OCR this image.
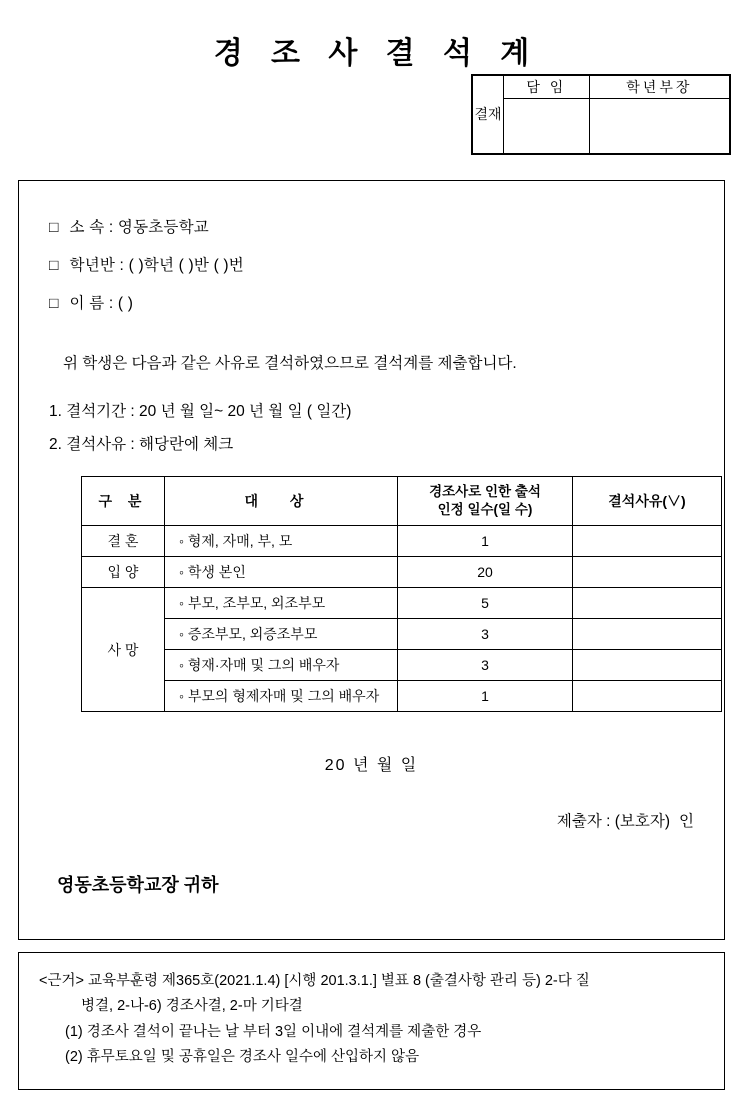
경 조 사 결 석 계
결재	담 임	학년부장

□ 소 속 : 영동초등학교
□ 학년반 : ( )학년 ( )반 ( )번
□ 이 름 : ( )
위 학생은 다음과 같은 사유로 결석하였으므로 결석계를 제출합니다.
1. 결석기간 : 20 년 월 일~ 20 년 월 일 ( 일간)
2. 결석사유 : 해당란에 체크
구 분	대 상	경조사로 인한 출석
인정 일수(일 수)	결석사유(∨)
결 혼	◦ 형제, 자매, 부, 모	1	
입 양	◦ 학생 본인	20	
사 망	◦ 부모, 조부모, 외조부모	5	
	◦ 증조부모, 외증조부모	3	
	◦ 형재·자매 및 그의 배우자	3	
	◦ 부모의 형제자매 및 그의 배우자	1	
20 년 월 일
제출자 : (보호자) 인
영동초등학교장 귀하
<근거> 교육부훈령 제365호(2021.1.4) [시행 201.3.1.] 별표 8 (출결사항 관리 등) 2-다 질
병결, 2-나-6) 경조사결, 2-마 기타결
(1) 경조사 결석이 끝나는 날 부터 3일 이내에 결석계를 제출한 경우
(2) 휴무토요일 및 공휴일은 경조사 일수에 산입하지 않음
